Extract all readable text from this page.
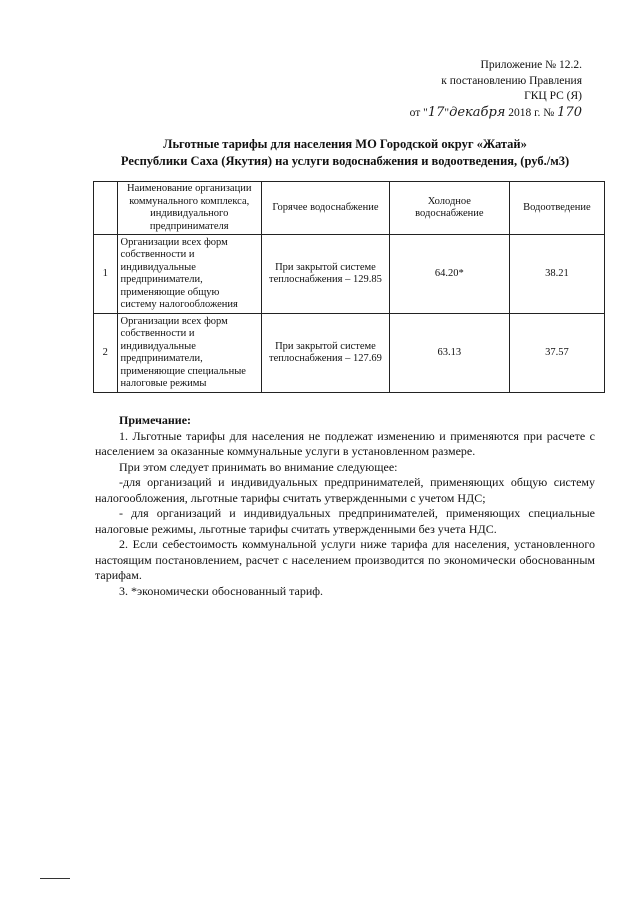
Приложение № 12.2.
к постановлению Правления
ГКЦ РС (Я)
от "17"декабря 2018 г. № 170
Льготные тарифы для населения МО Городской округ «Жатай»
Республики Саха (Якутия) на услуги водоснабжения и водоотведения, (руб./м3)
	Наименование организации коммунального комплекса, индивидуального предпринимателя	Горячее водоснабжение	Холодное водоснабжение	Водоотведение
1	Организации всех форм собственности и индивидуальные предприниматели, применяющие общую систему налогообложения	При закрытой системе теплоснабжения – 129.85	64.20*	38.21
2	Организации всех форм собственности и индивидуальные предприниматели, применяющие специальные налоговые режимы	При закрытой системе теплоснабжения – 127.69	63.13	37.57

Примечание:

1. Льготные тарифы для населения не подлежат изменению и применяются при расчете с населением за оказанные коммунальные услуги в установленном размере.

При этом следует принимать во внимание следующее:

-для организаций и индивидуальных предпринимателей, применяющих общую систему налогообложения, льготные тарифы считать утвержденными с учетом НДС;

- для организаций и индивидуальных предпринимателей, применяющих специальные налоговые режимы, льготные тарифы считать утвержденными без учета НДС.

2. Если себестоимость коммунальной услуги ниже тарифа для населения, установленного настоящим постановлением, расчет с населением производится по экономически обоснованным тарифам.

3. *экономически обоснованный тариф.
